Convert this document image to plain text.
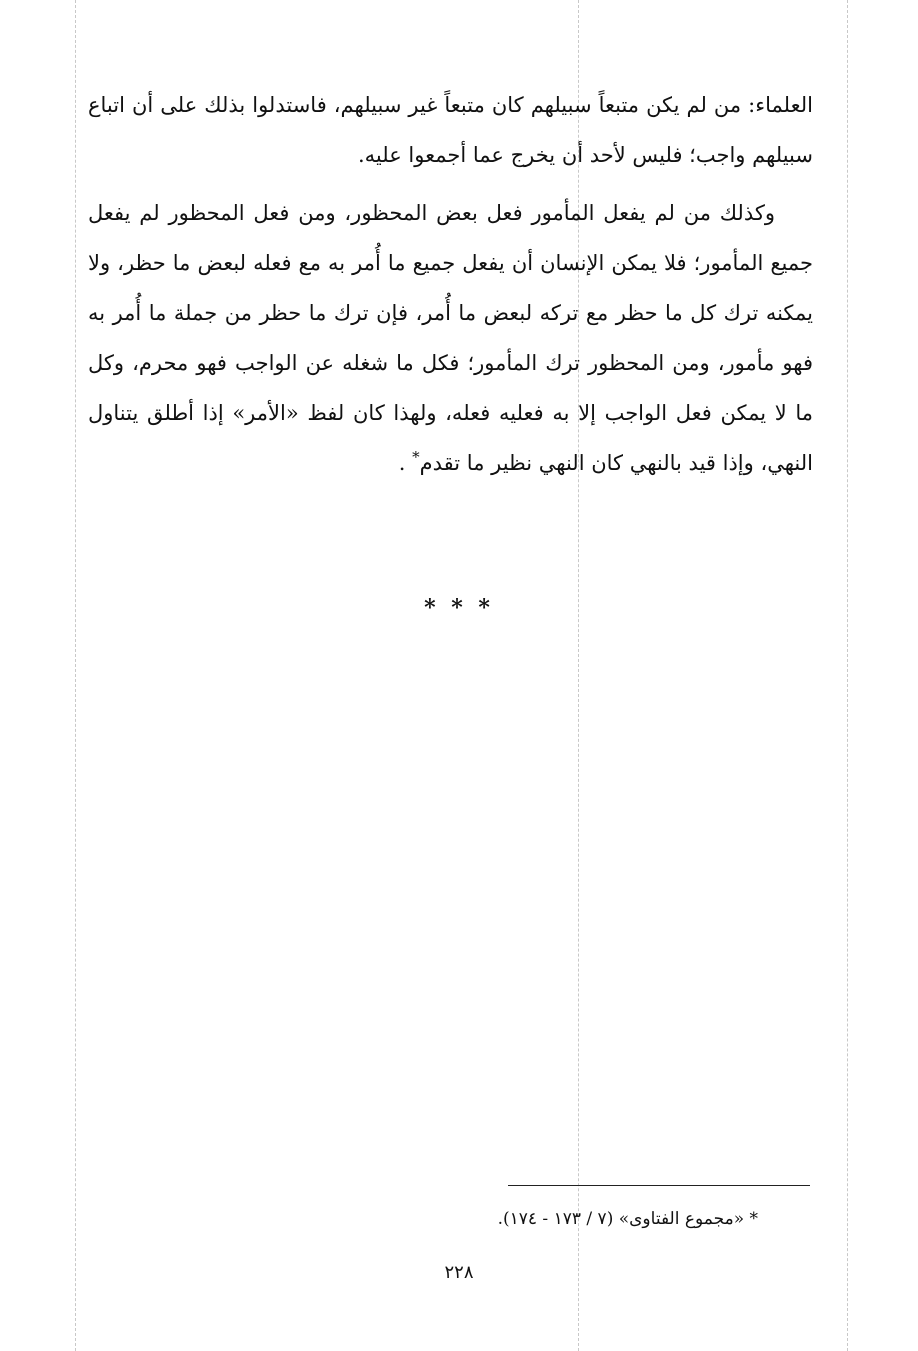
العلماء: من لم يكن متبعاً سبيلهم كان متبعاً غير سبيلهم، فاستدلوا بذلك على أن اتباع سبيلهم واجب؛ فليس لأحد أن يخرج عما أجمعوا عليه.

وكذلك من لم يفعل المأمور فعل بعض المحظور، ومن فعل المحظور لم يفعل جميع المأمور؛ فلا يمكن الإنسان أن يفعل جميع ما أُمر به مع فعله لبعض ما حظر، ولا يمكنه ترك كل ما حظر مع تركه لبعض ما أُمر، فإن ترك ما حظر من جملة ما أُمر به فهو مأمور، ومن المحظور ترك المأمور؛ فكل ما شغله عن الواجب فهو محرم، وكل ما لا يمكن فعل الواجب إلا به فعليه فعله، ولهذا كان لفظ «الأمر» إذا أطلق يتناول النهي، وإذا قيد بالنهي كان النهي نظير ما تقدم* .

* * *
* «مجموع الفتاوى» (٧ / ١٧٣ - ١٧٤).
٢٢٨
